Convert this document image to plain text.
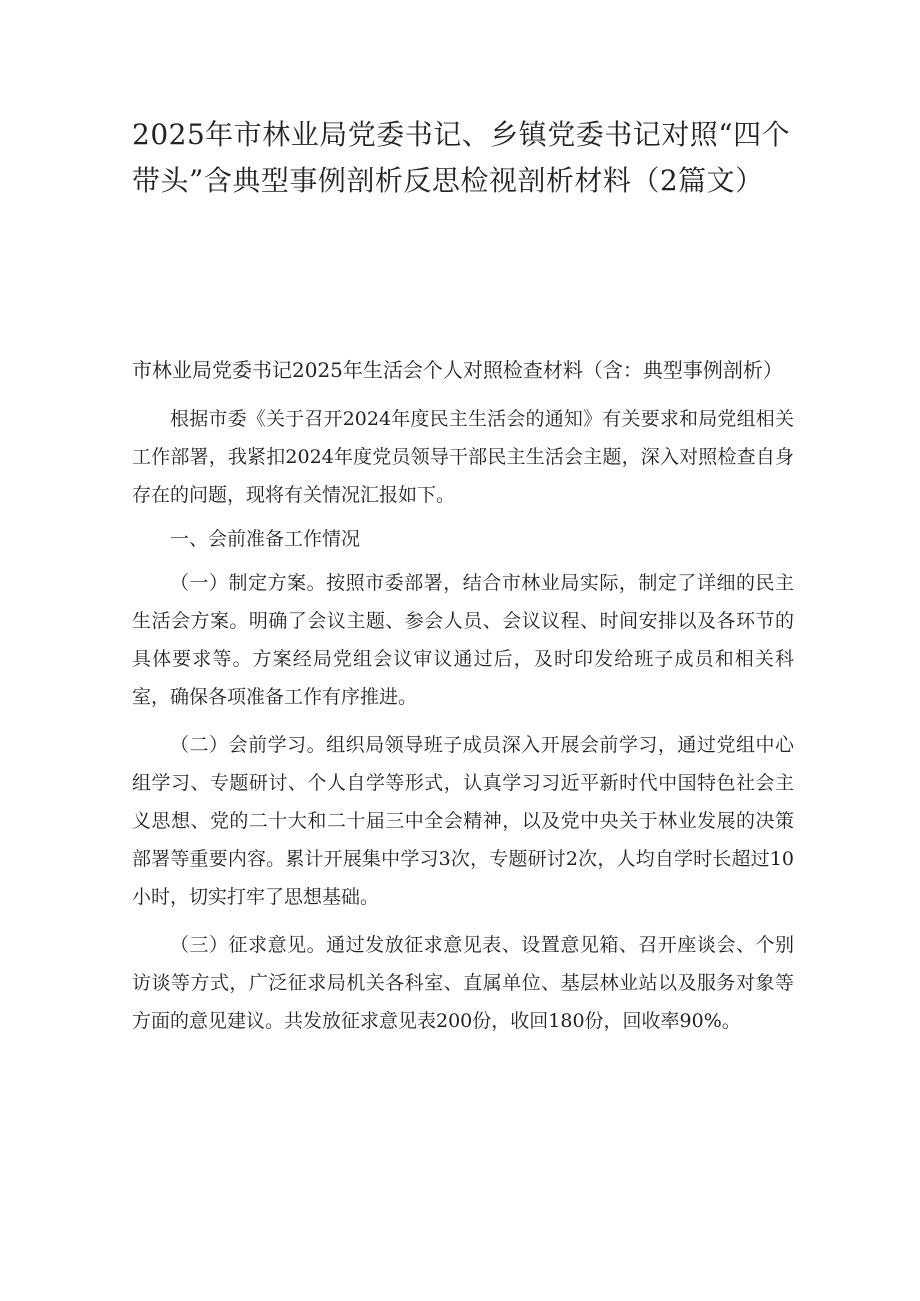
2025年市林业局党委书记、乡镇党委书记对照“四个带头”含典型事例剖析反思检视剖析材料（2篇文）
市林业局党委书记2025年生活会个人对照检查材料（含：典型事例剖析）

根据市委《关于召开2024年度民主生活会的通知》有关要求和局党组相关工作部署，我紧扣2024年度党员领导干部民主生活会主题，深入对照检查自身存在的问题，现将有关情况汇报如下。

一、会前准备工作情况

（一）制定方案。按照市委部署，结合市林业局实际，制定了详细的民主生活会方案。明确了会议主题、参会人员、会议议程、时间安排以及各环节的具体要求等。方案经局党组会议审议通过后，及时印发给班子成员和相关科室，确保各项准备工作有序推进。

（二）会前学习。组织局领导班子成员深入开展会前学习，通过党组中心组学习、专题研讨、个人自学等形式，认真学习习近平新时代中国特色社会主义思想、党的二十大和二十届三中全会精神，以及党中央关于林业发展的决策部署等重要内容。累计开展集中学习3次，专题研讨2次，人均自学时长超过10小时，切实打牢了思想基础。

（三）征求意见。通过发放征求意见表、设置意见箱、召开座谈会、个别访谈等方式，广泛征求局机关各科室、直属单位、基层林业站以及服务对象等方面的意见建议。共发放征求意见表200份，收回180份，回收率90%。
